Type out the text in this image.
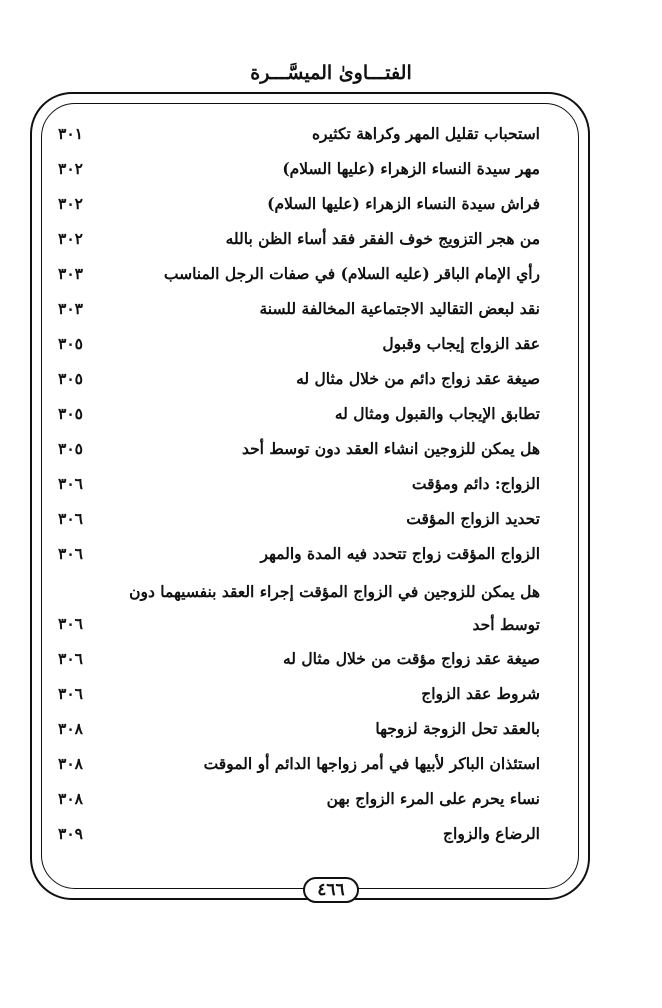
الفتـــاوىٰ الميسَّـــرة
استحباب تقليل المهر وكراهة تكثيره
٣٠١
مهر سيدة النساء الزهراء (عليها السلام)
٣٠٢
فراش سيدة النساء الزهراء (عليها السلام)
٣٠٢
من هجر التزويج خوف الفقر فقد أساء الظن بالله
٣٠٢
رأي الإمام الباقر (عليه السلام) في صفات الرجل المناسب
٣٠٣
نقد لبعض التقاليد الاجتماعية المخالفة للسنة
٣٠٣
عقد الزواج إيجاب وقبول
٣٠٥
صيغة عقد زواج دائم من خلال مثال له
٣٠٥
تطابق الإيجاب والقبول ومثال له
٣٠٥
هل يمكن للزوجين انشاء العقد دون توسط أحد
٣٠٥
الزواج: دائم ومؤقت
٣٠٦
تحديد الزواج المؤقت
٣٠٦
الزواج المؤقت زواج تتحدد فيه المدة والمهر
٣٠٦
هل يمكن للزوجين في الزواج المؤقت إجراء العقد بنفسيهما دون
توسط أحد
٣٠٦
صيغة عقد زواج مؤقت من خلال مثال له
٣٠٦
شروط عقد الزواج
٣٠٦
بالعقد تحل الزوجة لزوجها
٣٠٨
استئذان الباكر لأبيها في أمر زواجها الدائم أو الموقت
٣٠٨
نساء يحرم على المرء الزواج بهن
٣٠٨
الرضاع والزواج
٣٠٩
٤٦٦
